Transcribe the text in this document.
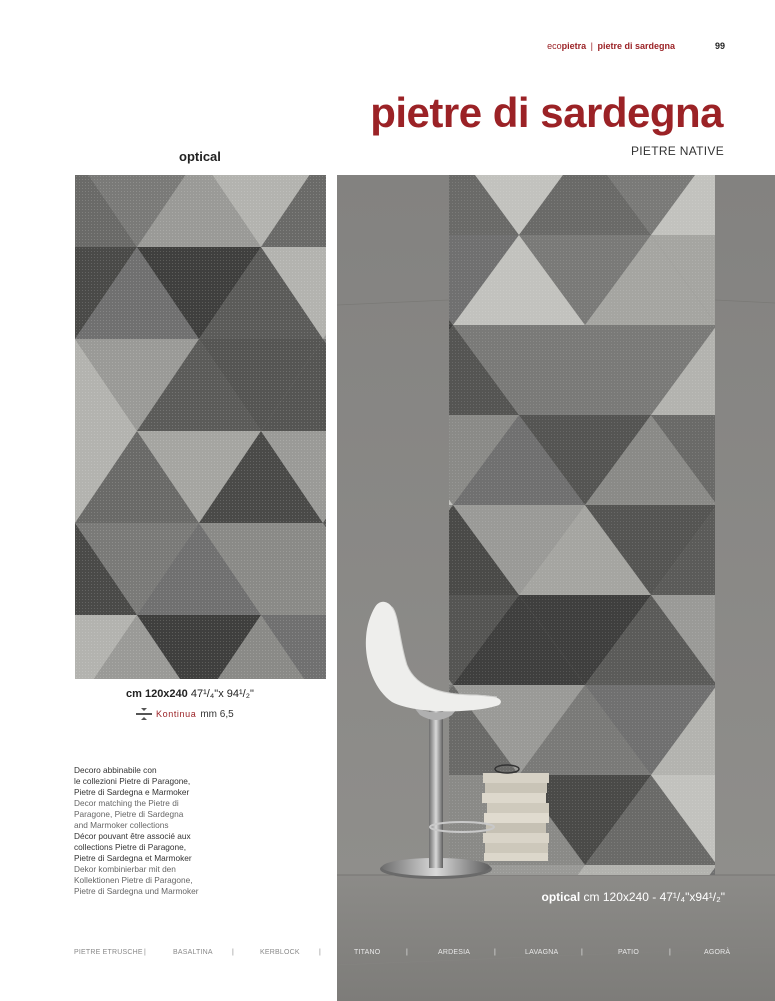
ecopietra | pietre di sardegna	99
pietre di sardegna
PIETRE NATIVE
optical
cm 120x240 47¹/₄"x 94¹/₂"
Kontinua mm 6,5

Decoro abbinabile con

le collezioni Pietre di Paragone,

Pietre di Sardegna e Marmoker

Decor matching the Pietre di

Paragone, Pietre di Sardegna

and Marmoker collections

Décor pouvant être associé aux

collections Pietre di Paragone,

Pietre di Sardegna et Marmoker

Dekor kombinierbar mit den

Kollektionen Pietre di Paragone,

Pietre di Sardegna und Marmoker	optical cm 120x240 - 47¹/₄"x94¹/₂"
PIETRE ETRUSCHE |	BASALTINA	|	KERBLOCK	|	TITANO	|	ARDESIA	|	LAVAGNA	|	PATIO	|	AGORÀ
